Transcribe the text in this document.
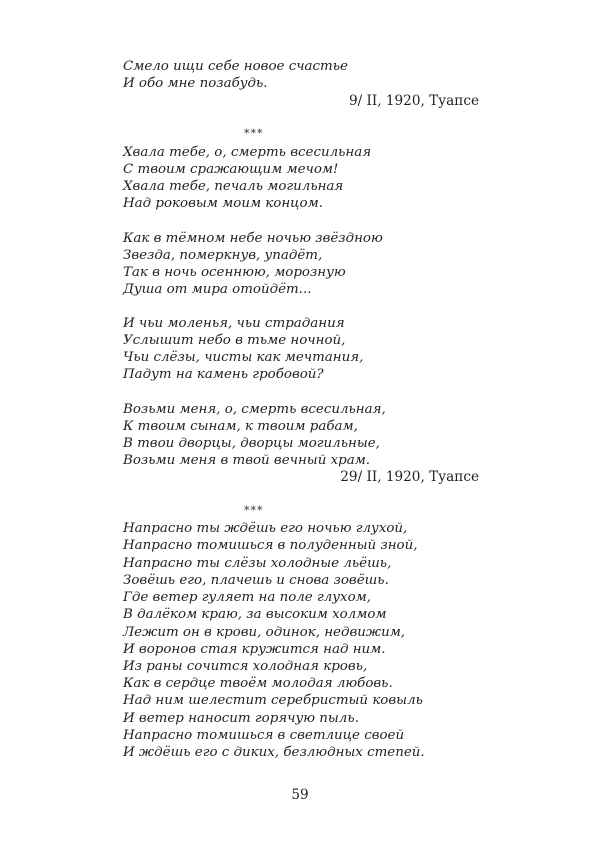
Смело ищи себе новое счастье
И обо мне позабудь.
9/ II, 1920, Туапсе
***
Хвала тебе, о, смерть всесильная
С твоим сражающим мечом!
Хвала тебе, печаль могильная
Над роковым моим концом.
Как в тёмном небе ночью звёздною
Звезда, померкнув, упадёт,
Так в ночь осеннюю, морозную
Душа от мира отойдёт...
И чьи моленья, чьи страдания
Услышит небо в тьме ночной,
Чьи слёзы, чисты как мечтания,
Падут на камень гробовой?
Возьми меня, о, смерть всесильная,
К твоим сынам, к твоим рабам,
В твои дворцы, дворцы могильные,
Возьми меня в твой вечный храм.
29/ II, 1920, Туапсе
***
Напрасно ты ждёшь его ночью глухой,
Напрасно томишься в полуденный зной,
Напрасно ты слёзы холодные льёшь,
Зовёшь его, плачешь и снова зовёшь.
Где ветер гуляет на поле глухом,
В далёком краю, за высоким холмом
Лежит он в крови, одинок, недвижим,
И воронов стая кружится над ним.
Из раны сочится холодная кровь,
Как в сердце твоём молодая любовь.
Над ним шелестит серебристый ковыль
И ветер наносит горячую пыль.
Напрасно томишься в светлице своей
И ждёшь его с диких, безлюдных степей.
59
